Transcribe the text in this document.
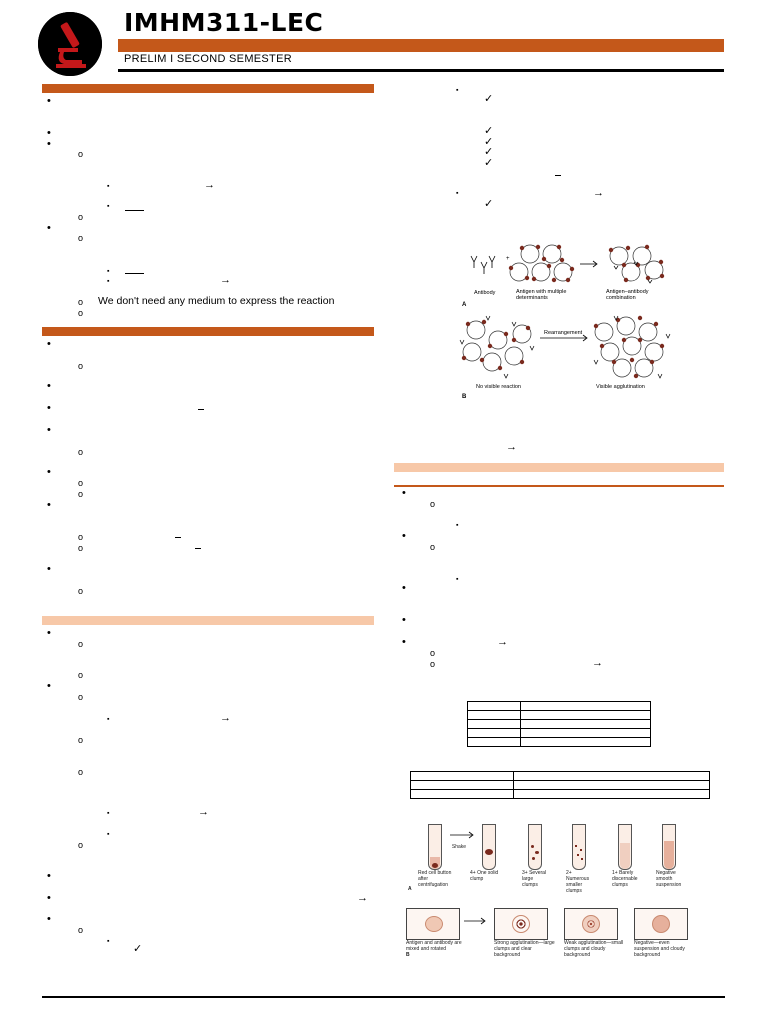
IMHM311-LEC
PRELIM I SECOND SEMESTER
•
•
•
o
▪	→
▪
o
•
o
▪
▪	→
o We don't need any medium to express the reaction
o
•
o
•
•
•
o
•
o
o
•
o
o
•
o
•
o
o
•
o
▪	→
o
o
▪	→
▪
o
•
•	→
•
o
▪
✓
▪
✓
✓
✓
✓
✓
▪	→
✓
Antibody
A
+
Antigen with multiple determinants
Antigen–antibody combination
Rearrangement
No visible reaction	Visible agglutination
B
→
•
o
▪
•
o
▪
•
•
•	→
o
o	→

Shake
Red cell button after centrifugation
4+ One solid clump
3+ Several large clumps
2+ Numerous smaller clumps
1+ Barely discernable clumps
Negative smooth suspension
A
Antigen and antibody are mixed and rotated
Strong agglutination—large clumps and clear background
Weak agglutination—small clumps and cloudy background
Negative—even suspension and cloudy background
B
